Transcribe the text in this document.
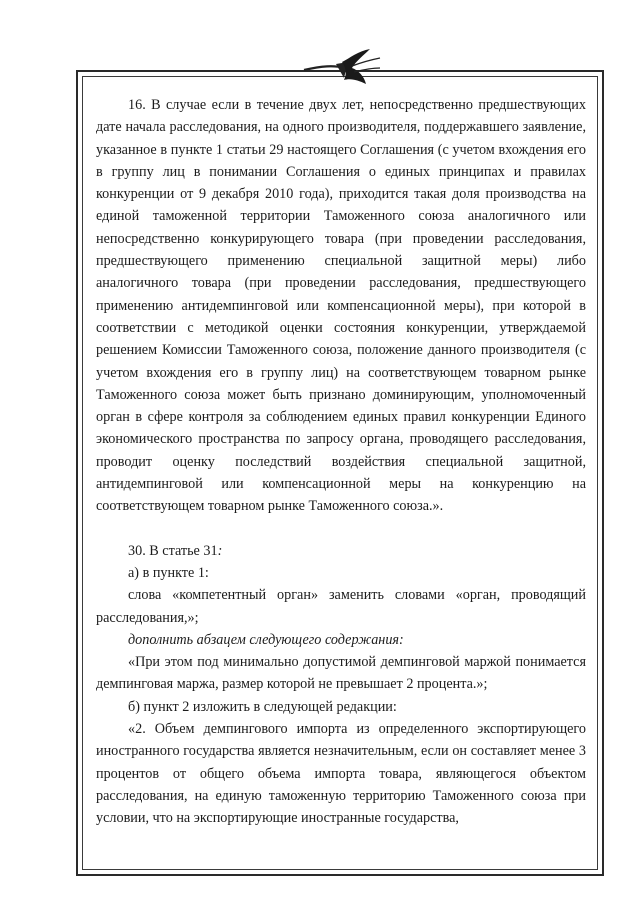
16. В случае если в течение двух лет, непосредственно предшествующих дате начала расследования, на одного производителя, поддержавшего заявление, указанное в пункте 1 статьи 29 настоящего Соглашения (с учетом вхождения его в группу лиц в понимании Соглашения о единых принципах и правилах конкуренции от 9 декабря 2010 года), приходится такая доля производства на единой таможенной территории Таможенного союза аналогичного или непосредственно конкурирующего товара (при проведении расследования, предшествующего применению специальной защитной меры) либо аналогичного товара (при проведении расследования, предшествующего применению антидемпинговой или компенсационной меры), при которой в соответствии с методикой оценки состояния конкуренции, утверждаемой решением Комиссии Таможенного союза, положение данного производителя (с учетом вхождения его в группу лиц) на соответствующем товарном рынке Таможенного союза может быть признано доминирующим, уполномоченный орган в сфере контроля за соблюдением единых правил конкуренции Единого экономического пространства по запросу органа, проводящего расследования, проводит оценку последствий воздействия специальной защитной, антидемпинговой или компенсационной меры на конкуренцию на соответствующем товарном рынке Таможенного союза.».

30. В статье 31:

а) в пункте 1:

слова «компетентный орган» заменить словами «орган, проводящий расследования,»;

дополнить абзацем следующего содержания:

«При этом под минимально допустимой демпинговой маржой понимается демпинговая маржа, размер которой не превышает 2 процента.»;

б) пункт 2 изложить в следующей редакции:

«2. Объем демпингового импорта из определенного экспортирующего иностранного государства является незначительным, если он составляет менее 3 процентов от общего объема импорта товара, являющегося объектом расследования, на единую таможенную территорию Таможенного союза при условии, что на экспортирующие иностранные государства,
